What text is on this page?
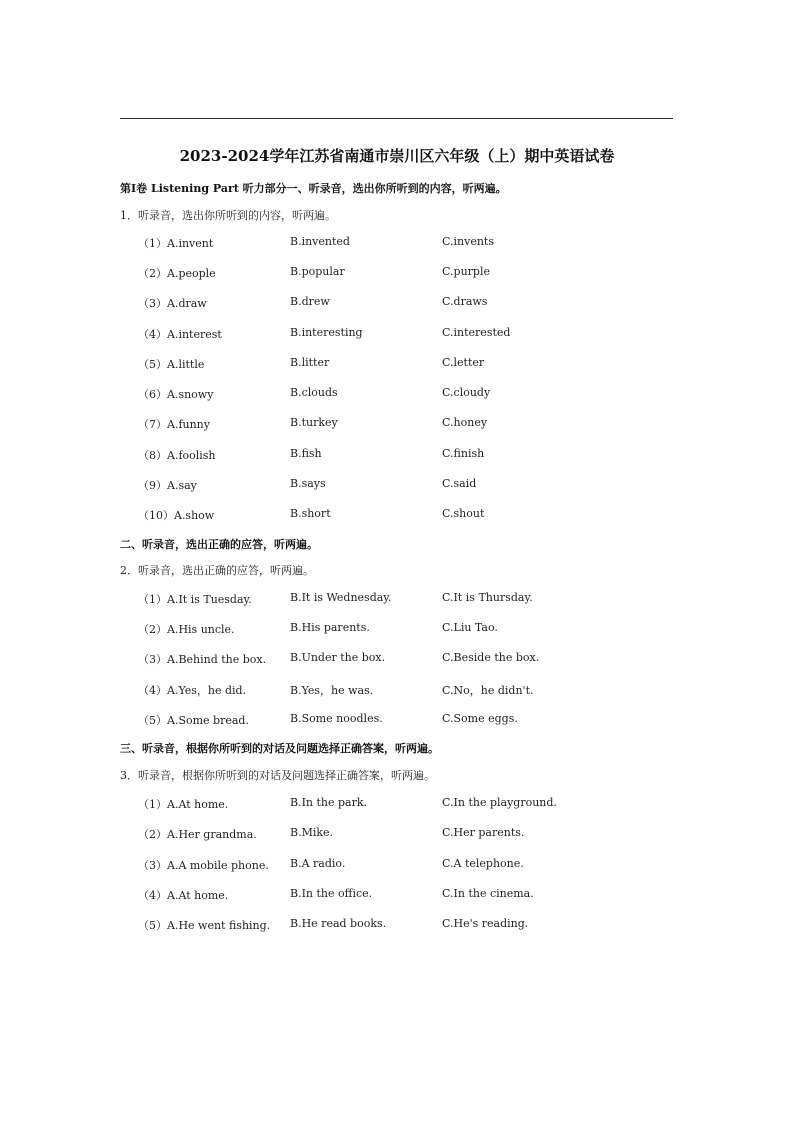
2023-2024学年江苏省南通市崇川区六年级（上）期中英语试卷
第I卷 Listening Part 听力部分一、听录音，选出你所听到的内容，听两遍。
1．听录音，选出你所听到的内容，听两遍。
（1）A.invent	B.invented	C.invents
（2）A.people	B.popular	C.purple
（3）A.draw	B.drew	C.draws
（4）A.interest	B.interesting	C.interested
（5）A.little	B.litter	C.letter
（6）A.snowy	B.clouds	C.cloudy
（7）A.funny	B.turkey	C.honey
（8）A.foolish	B.fish	C.finish
（9）A.say	B.says	C.said
（10）A.show	B.short	C.shout
二、听录音，选出正确的应答，听两遍。
2．听录音，选出正确的应答，听两遍。
（1）A.It is Tuesday.	B.It is Wednesday.	C.It is Thursday.
（2）A.His uncle.	B.His parents.	C.Liu Tao.
（3）A.Behind the box. B.Under the box.	C.Beside the box.
（4）A.Yes，he did.	B.Yes，he was.	C.No，he didn't.
（5）A.Some bread.	B.Some noodles.	C.Some eggs.
三、听录音，根据你所听到的对话及问题选择正确答案，听两遍。
3．听录音，根据你所听到的对话及问题选择正确答案，听两遍。
（1）A.At home.	B.In the park.	C.In the playground.
（2）A.Her grandma.	B.Mike.	C.Her parents.
（3）A.A mobile phone. B.A radio.	C.A telephone.
（4）A.At home.	B.In the office.	C.In the cinema.
（5）A.He went fishing. B.He read books.	C.He's reading.
